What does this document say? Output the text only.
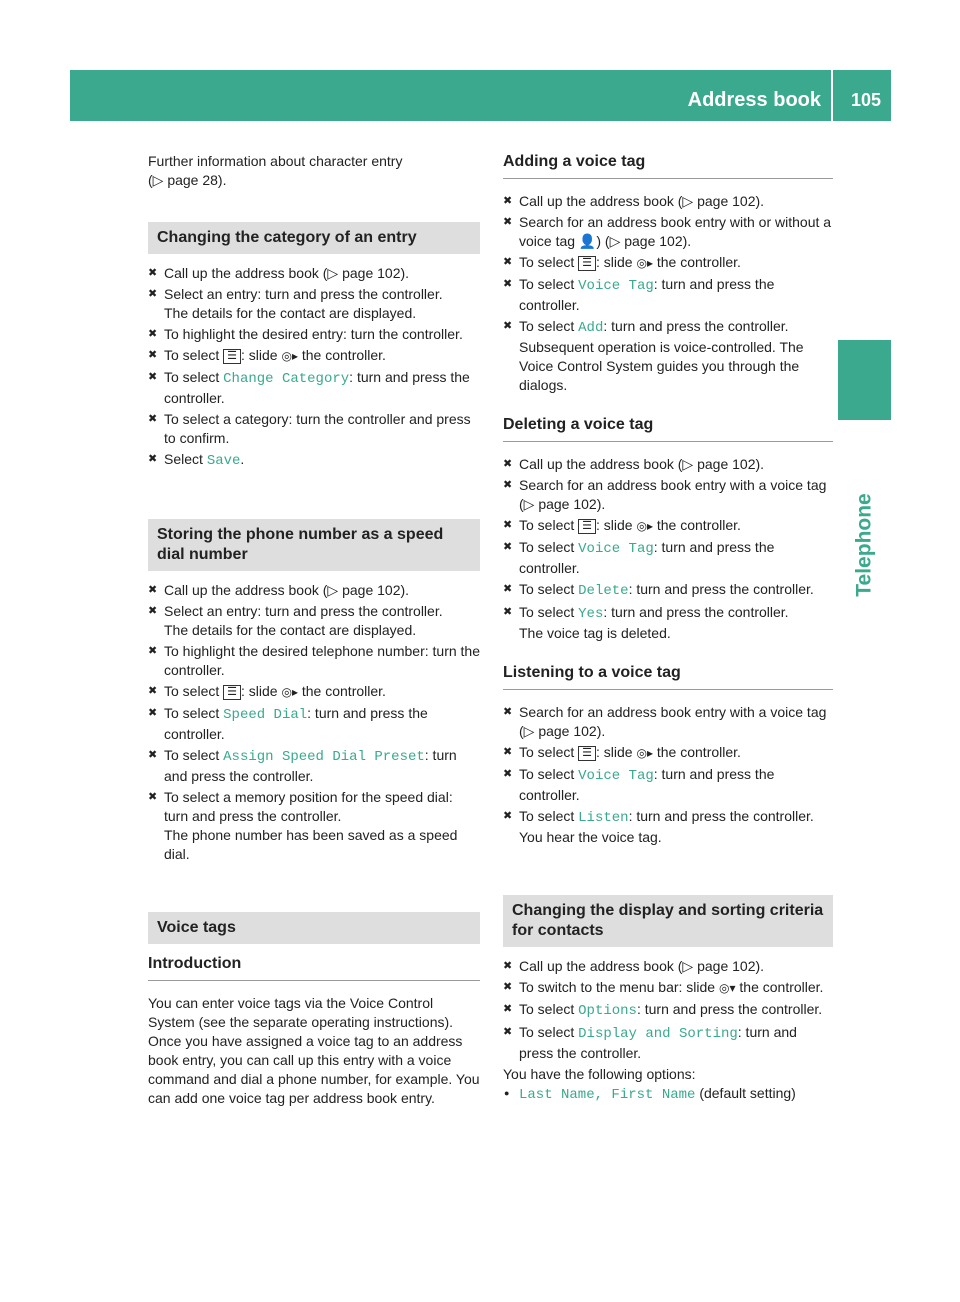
Address book 105
Telephone

Further information about character entry
(▷ page 28).

Changing the category of an entry
✖ Call up the address book (▷ page 102).
✖ Select an entry: turn and press the controller.
The details for the contact are displayed.
✖ To highlight the desired entry: turn the controller.
✖ To select ☰ : slide ◎▸ the controller.
✖ To select Change Category: turn and press the controller.
✖ To select a category: turn the controller and press to confirm.
✖ Select Save.
Storing the phone number as a speed dial number
✖ Call up the address book (▷ page 102).
✖ Select an entry: turn and press the controller.
The details for the contact are displayed.
✖ To highlight the desired telephone number: turn the controller.
✖ To select ☰ : slide ◎▸ the controller.
✖ To select Speed Dial: turn and press the controller.
✖ To select Assign Speed Dial Preset: turn and press the controller.
✖ To select a memory position for the speed dial: turn and press the controller.
The phone number has been saved as a speed dial.
Voice tags
Introduction

You can enter voice tags via the Voice Control System (see the separate operating instructions). Once you have assigned a voice tag to an address book entry, you can call up this entry with a voice command and dial a phone number, for example. You can add one voice tag per address book entry.

Adding a voice tag
✖ Call up the address book (▷ page 102).
✖ Search for an address book entry with or without a voice tag 👤) (▷ page 102).
✖ To select ☰ : slide ◎▸ the controller.
✖ To select Voice Tag: turn and press the controller.
✖ To select Add: turn and press the controller.
Subsequent operation is voice-controlled. The Voice Control System guides you through the dialogs.
Deleting a voice tag
✖ Call up the address book (▷ page 102).
✖ Search for an address book entry with a voice tag (▷ page 102).
✖ To select ☰ : slide ◎▸ the controller.
✖ To select Voice Tag: turn and press the controller.
✖ To select Delete: turn and press the controller.
✖ To select Yes: turn and press the controller.
The voice tag is deleted.
Listening to a voice tag
✖ Search for an address book entry with a voice tag (▷ page 102).
✖ To select ☰ : slide ◎▸ the controller.
✖ To select Voice Tag: turn and press the controller.
✖ To select Listen: turn and press the controller.
You hear the voice tag.
Changing the display and sorting criteria for contacts
✖ Call up the address book (▷ page 102).
✖ To switch to the menu bar: slide ◎▾ the controller.
✖ To select Options: turn and press the controller.
✖ To select Display and Sorting: turn and press the controller.

You have the following options:

● Last Name, First Name (default setting)
